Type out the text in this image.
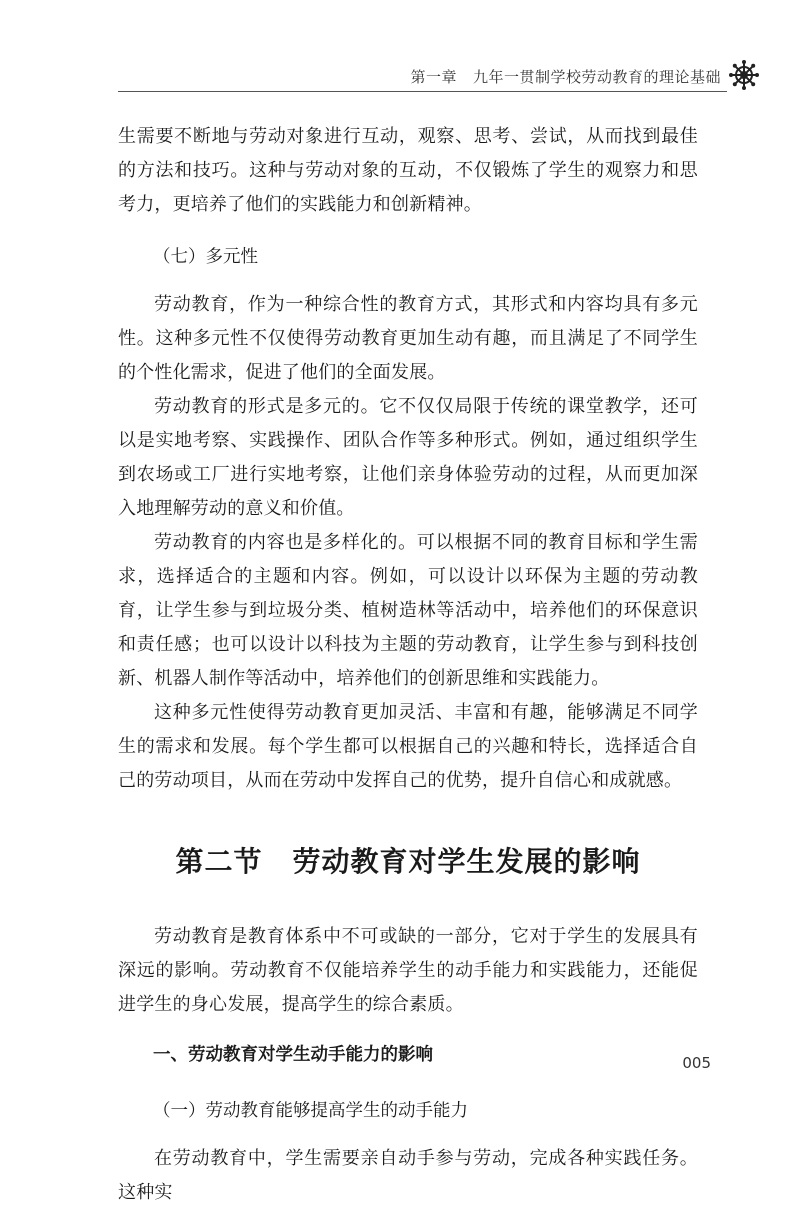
第一章 九年一贯制学校劳动教育的理论基础

生需要不断地与劳动对象进行互动，观察、思考、尝试，从而找到最佳的方法和技巧。这种与劳动对象的互动，不仅锻炼了学生的观察力和思考力，更培养了他们的实践能力和创新精神。

（七）多元性

劳动教育，作为一种综合性的教育方式，其形式和内容均具有多元性。这种多元性不仅使得劳动教育更加生动有趣，而且满足了不同学生的个性化需求，促进了他们的全面发展。

劳动教育的形式是多元的。它不仅仅局限于传统的课堂教学，还可以是实地考察、实践操作、团队合作等多种形式。例如，通过组织学生到农场或工厂进行实地考察，让他们亲身体验劳动的过程，从而更加深入地理解劳动的意义和价值。

劳动教育的内容也是多样化的。可以根据不同的教育目标和学生需求，选择适合的主题和内容。例如，可以设计以环保为主题的劳动教育，让学生参与到垃圾分类、植树造林等活动中，培养他们的环保意识和责任感；也可以设计以科技为主题的劳动教育，让学生参与到科技创新、机器人制作等活动中，培养他们的创新思维和实践能力。

这种多元性使得劳动教育更加灵活、丰富和有趣，能够满足不同学生的需求和发展。每个学生都可以根据自己的兴趣和特长，选择适合自己的劳动项目，从而在劳动中发挥自己的优势，提升自信心和成就感。

第二节 劳动教育对学生发展的影响

劳动教育是教育体系中不可或缺的一部分，它对于学生的发展具有深远的影响。劳动教育不仅能培养学生的动手能力和实践能力，还能促进学生的身心发展，提高学生的综合素质。

一、劳动教育对学生动手能力的影响

（一）劳动教育能够提高学生的动手能力

在劳动教育中，学生需要亲自动手参与劳动，完成各种实践任务。这种实

005
